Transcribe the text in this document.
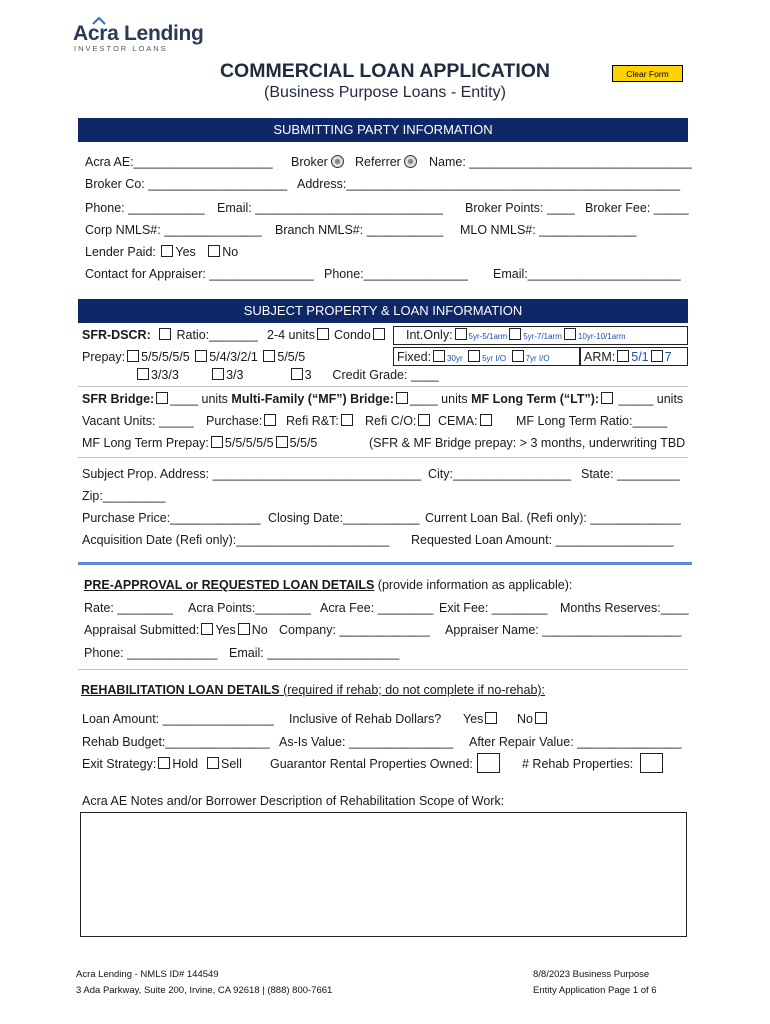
Acra Lending
INVESTOR LOANS
COMMERCIAL LOAN APPLICATION
(Business Purpose Loans - Entity)
Clear Form
SUBMITTING PARTY INFORMATION
Acra AE:____________________ Broker	Referrer	Name: ________________________________
Broker Co: ____________________ Address:________________________________________________
Phone: ___________ Email: ___________________________ Broker Points: ____ Broker Fee: _____
Corp NMLS#: ______________ Branch NMLS#: ___________ MLO NMLS#: ______________
Lender Paid: Yes No
Contact for Appraiser: _______________ Phone:_______________ Email:______________________
SUBJECT PROPERTY & LOAN INFORMATION
SFR-DSCR:	Ratio:_______ 2-4 units	Condo	Int.Only: 5yr-5/1arm 5yr-7/1arm 10yr-10/1arm
Prepay: 5/5/5/5/5 5/4/3/2/1 5/5/5
3/3/3	3/3	3 Credit Grade: ____
Fixed: 30yr 5yr I/O 7yr I/O	ARM: 5/1 7
SFR Bridge: ____ units Multi-Family (“MF”) Bridge: ____ units MF Long Term (“LT”): _____ units
Vacant Units: _____ Purchase:	Refi R&T:	Refi C/O:	CEMA:	MF Long Term Ratio:_____
MF Long Term Prepay: 5/5/5/5/5 5/5/5	(SFR & MF Bridge prepay: > 3 months, underwriting TBD
Subject Prop. Address: ______________________________ City:_________________ State: _________
Zip:_________
Purchase Price:_____________ Closing Date:___________ Current Loan Bal. (Refi only): _____________
Acquisition Date (Refi only):______________________ Requested Loan Amount: _________________
PRE-APPROVAL or REQUESTED LOAN DETAILS (provide information as applicable):
Rate: ________ Acra Points:________ Acra Fee: ________ Exit Fee: ________ Months Reserves:____
Appraisal Submitted: Yes No Company: _____________ Appraiser Name: ____________________
Phone: _____________ Email: ___________________
REHABILITATION LOAN DETAILS (required if rehab; do not complete if no-rehab):
Loan Amount: ________________ Inclusive of Rehab Dollars? Yes	No
Rehab Budget:_______________ As-Is Value: _______________ After Repair Value: _______________
Exit Strategy: Hold Sell Guarantor Rental Properties Owned:	# Rehab Properties:
Acra AE Notes and/or Borrower Description of Rehabilitation Scope of Work:
Acra Lending - NMLS ID# 144549
3 Ada Parkway, Suite 200, Irvine, CA 92618 | (888) 800-7661
8/8/2023 Business Purpose
Entity Application Page 1 of 6
